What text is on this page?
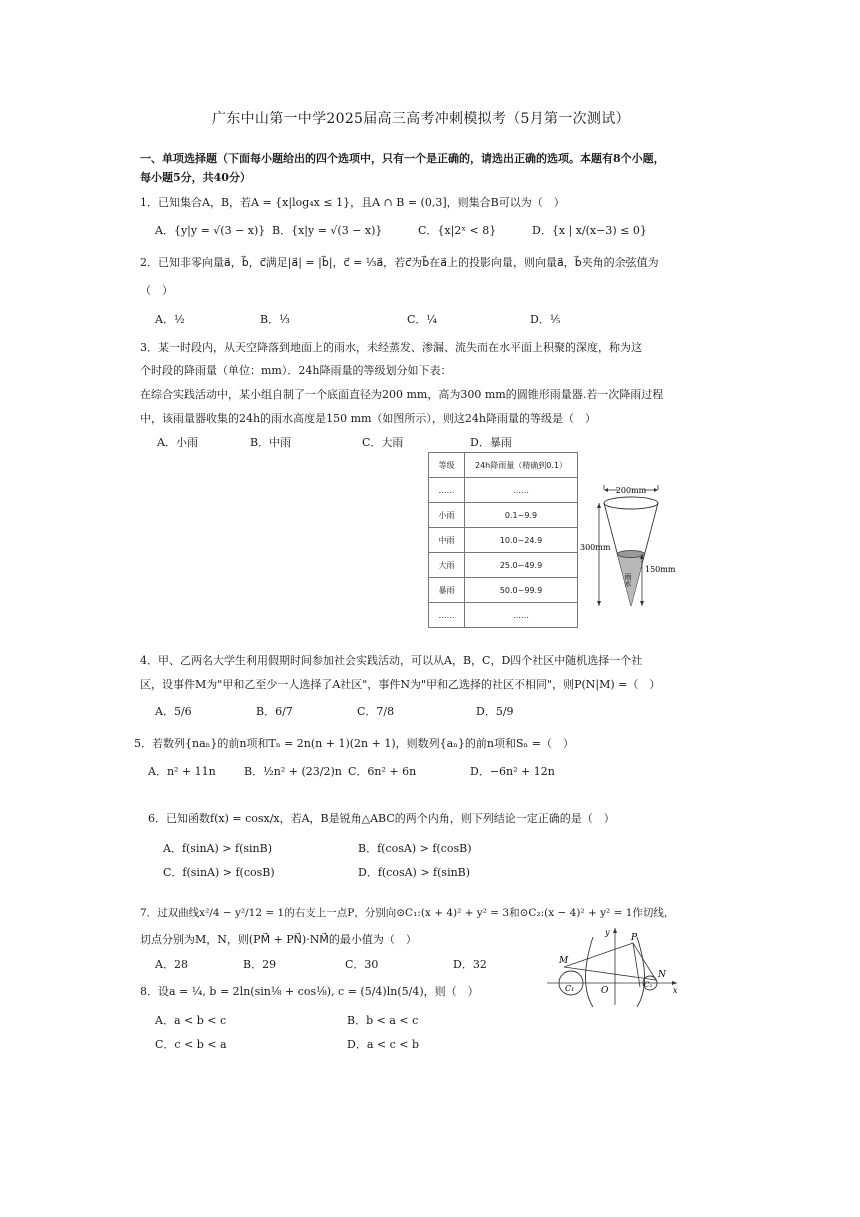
广东中山第一中学2025届高三高考冲刺模拟考（5月第一次测试）
一、单项选择题（下面每小题给出的四个选项中，只有一个是正确的，请选出正确的选项。本题有8个小题，
每小题5分，共40分）
1．已知集合A，B，若A = {x|log₄x ≤ 1}，且A ∩ B = (0,3]，则集合B可以为（　）
A．{y|y = √(3 − x)} B．{x|y = √(3 − x)}	C．{x|2ˣ < 8}	D．{x | x/(x−3) ≤ 0}
2．已知非零向量a⃗，b⃗，c⃗满足|a⃗| = |b⃗|，c⃗ = ⅓a⃗，若c⃗为b⃗在a⃗上的投影向量，则向量a⃗，b⃗夹角的余弦值为
（　）
A．½	B．⅓	C．¼	D．⅕
3．某一时段内，从天空降落到地面上的雨水，未经蒸发、渗漏、流失而在水平面上积聚的深度，称为这
个时段的降雨量（单位：mm）．24h降雨量的等级划分如下表：
在综合实践活动中，某小组自制了一个底面直径为200 mm，高为300 mm的圆锥形雨量器.若一次降雨过程
中，该雨量器收集的24h的雨水高度是150 mm（如图所示），则这24h降雨量的等级是（　）
A．小雨	B．中雨	C．大雨	D．暴雨
等级	24h降雨量（精确到0.1）
……	……
小雨	0.1~9.9
中雨	10.0~24.9
大雨	25.0~49.9
暴雨	50.0~99.9
……	……
200mm
雨水
300mm
150mm
4．甲、乙两名大学生利用假期时间参加社会实践活动，可以从A，B，C，D四个社区中随机选择一个社
区，设事件M为"甲和乙至少一人选择了A社区"，事件N为"甲和乙选择的社区不相同"，则P(N|M) =（　）
A．5/6	B．6/7	C．7/8	D．5/9
5．若数列{naₙ}的前n项和Tₙ = 2n(n + 1)(2n + 1)，则数列{aₙ}的前n项和Sₙ =（　）
A．n² + 11n	B．½n² + (23/2)n C．6n² + 6n	D．−6n² + 12n
6．已知函数f(x) = cosx/x，若A，B是锐角△ABC的两个内角，则下列结论一定正确的是（　）
A．f(sinA) > f(sinB)	B．f(cosA) > f(cosB)
C．f(sinA) > f(cosB)	D．f(cosA) > f(sinB)
7．过双曲线x²/4 − y²/12 = 1的右支上一点P，分别向⊙C₁:(x + 4)² + y² = 3和⊙C₂:(x − 4)² + y² = 1作切线，
切点分别为M，N，则(PM⃗ + PN⃗)·NM⃗的最小值为（　）
A．28	B．29	C．30	D．32
x
y
O
C₁	C₂
P
M
N
8．设a = ¼, b = 2ln(sin⅛ + cos⅛), c = (5/4)ln(5/4)，则（　）
A．a < b < c	B．b < a < c
C．c < b < a	D．a < c < b
